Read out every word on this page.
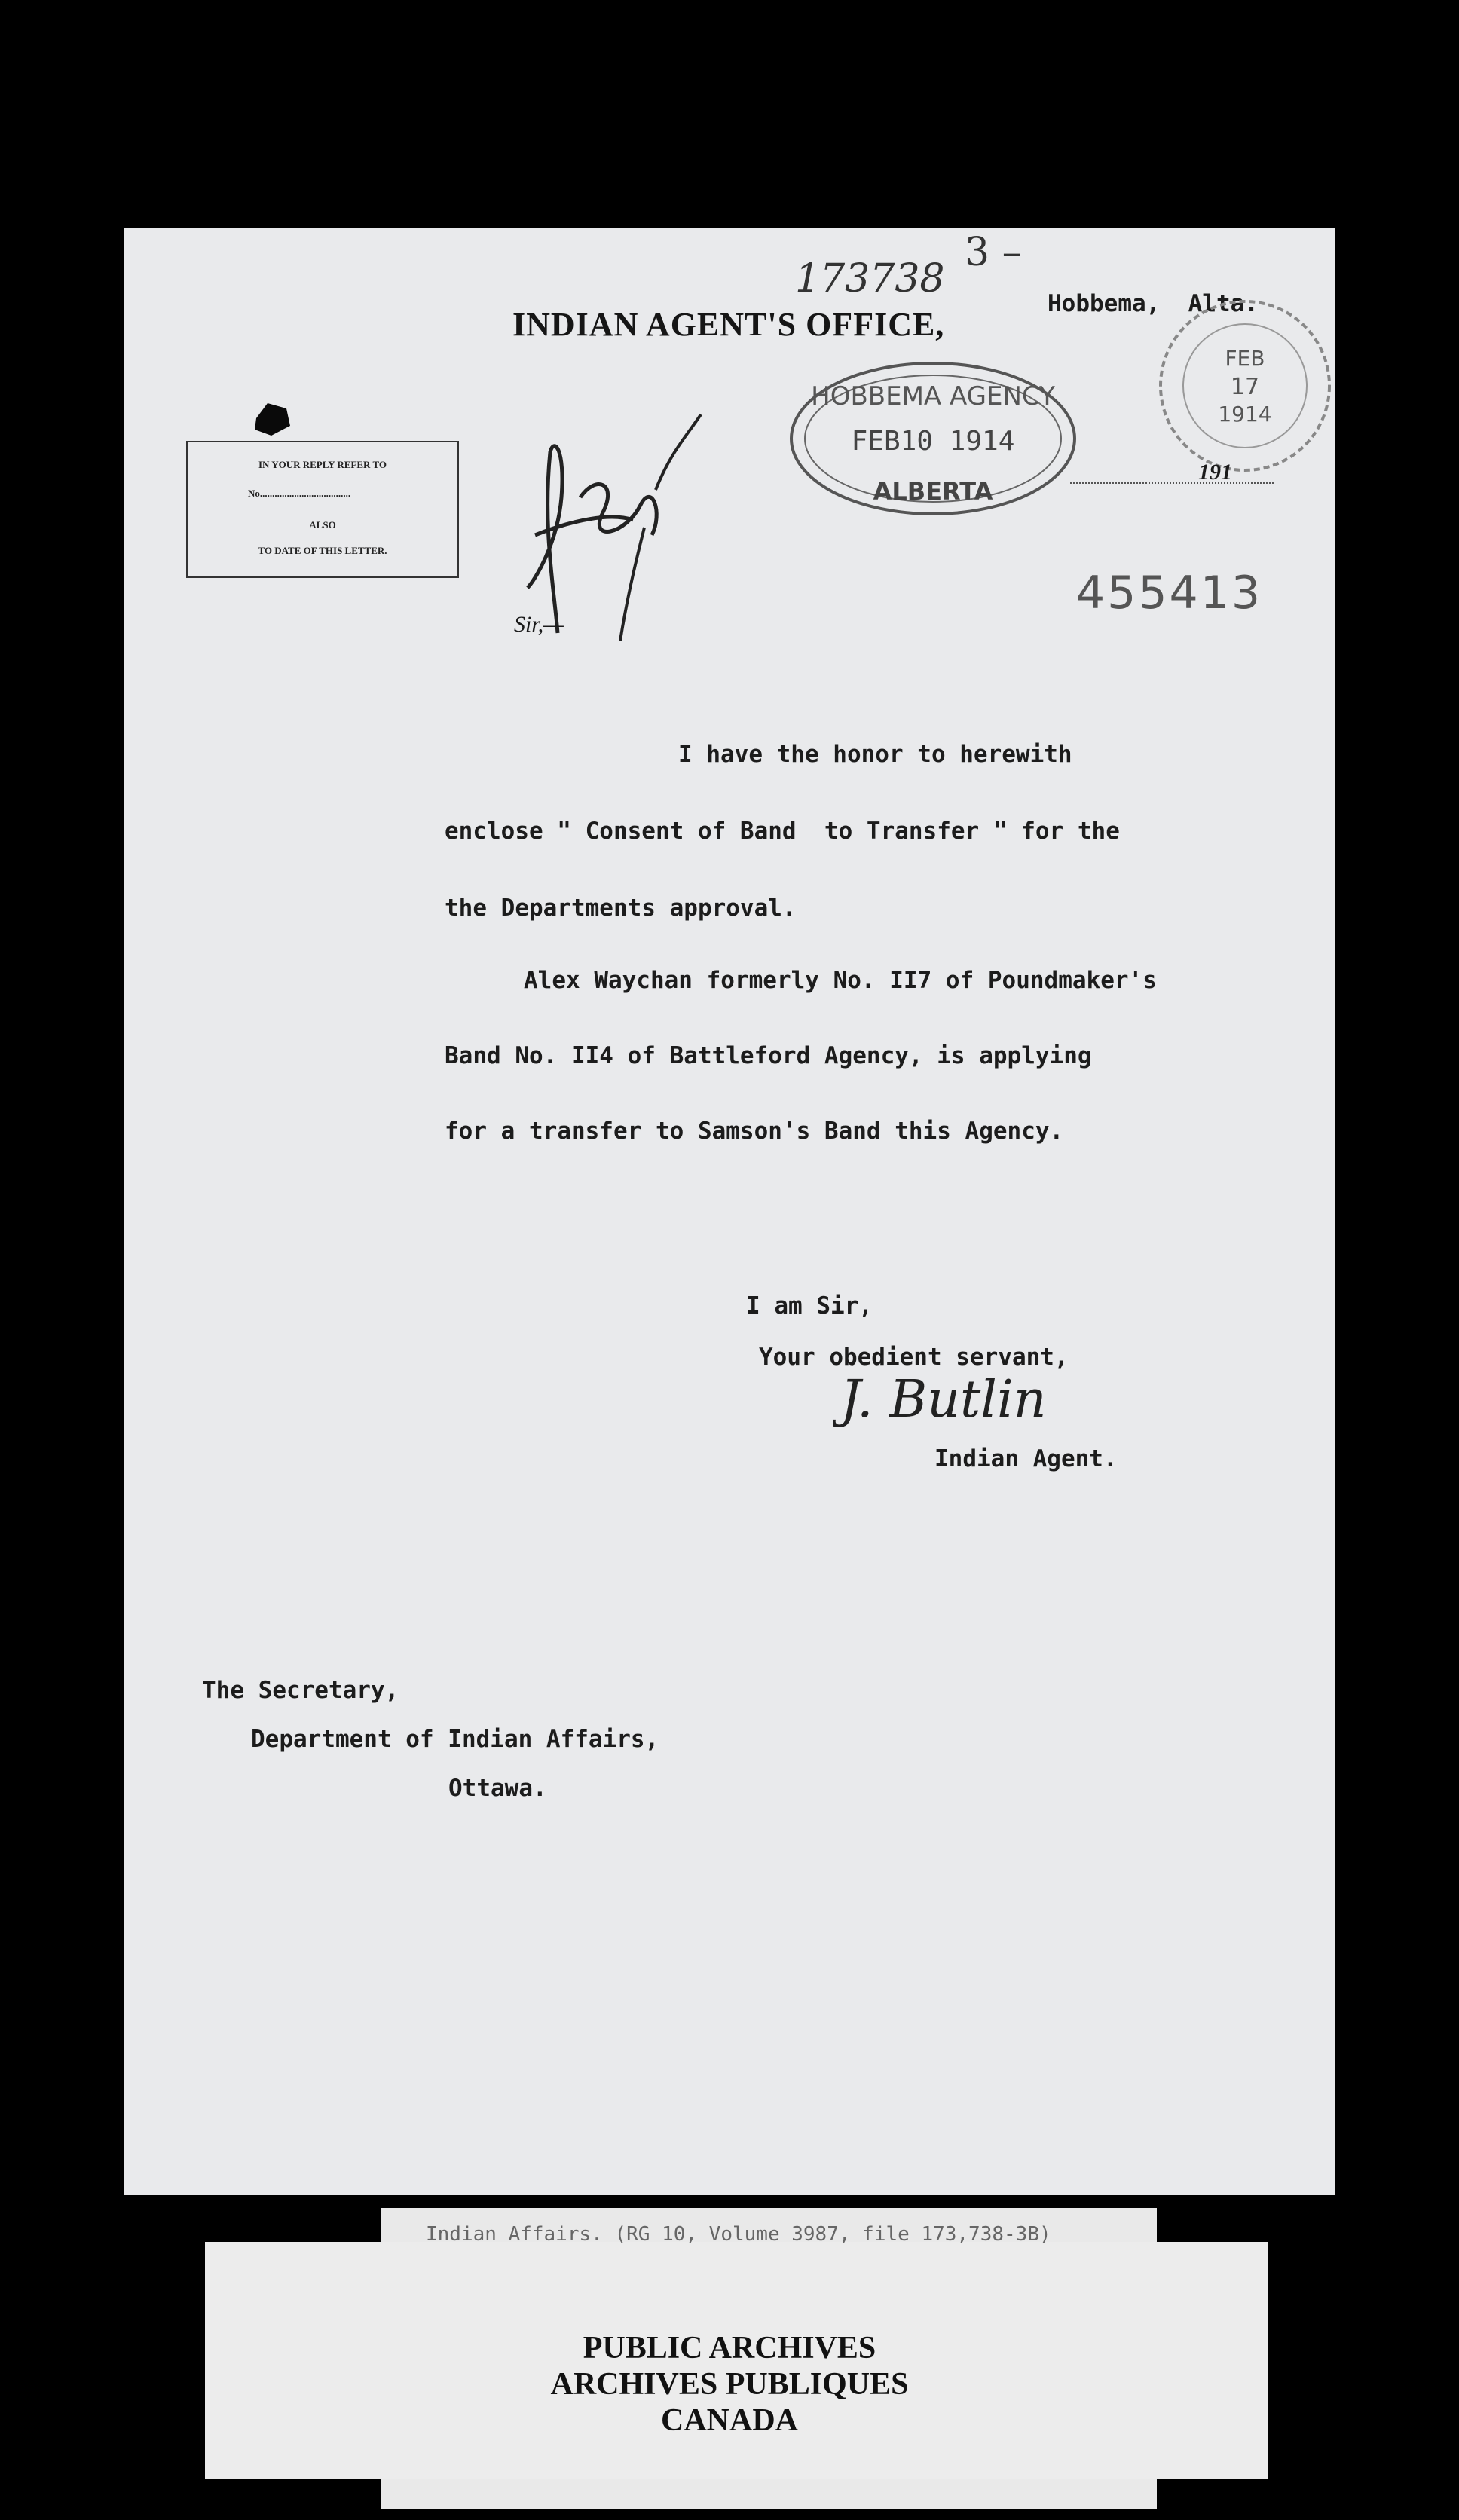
173738
3 –
INDIAN AGENT'S OFFICE,
Hobbema, Alta.
IN YOUR REPLY REFER TO
No.....................................
ALSO
TO DATE OF THIS LETTER.
HOBBEMA AGENCY
FEB10 1914
ALBERTA
FEB
17
1914
191
455413
Sir,—
I have the honor to herewith
enclose " Consent of Band  to Transfer " for the
the Departments approval.
Alex Waychan formerly No. II7 of Poundmaker's
Band No. II4 of Battleford Agency, is applying
for a transfer to Samson's Band this Agency.
I am Sir,
Your obedient servant,
J. Butlin
Indian Agent.
The Secretary,
Department of Indian Affairs,
Ottawa.
Indian Affairs. (RG 10, Volume 3987, file 173,738-3B)
PUBLIC ARCHIVES
ARCHIVES PUBLIQUES
CANADA
